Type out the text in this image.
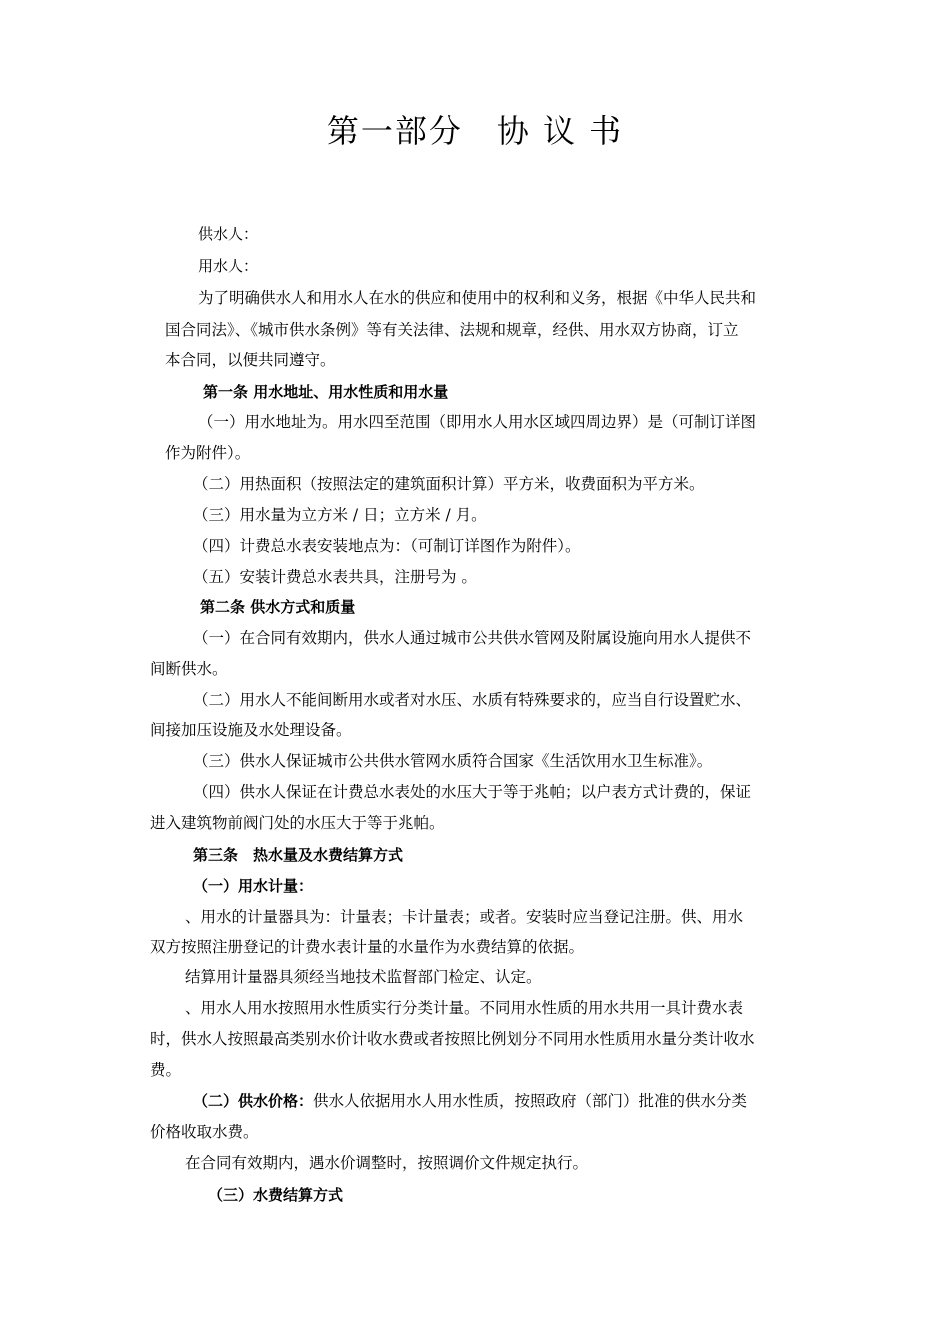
第一部分　协 议 书
供水人：
用水人：
为了明确供水人和用水人在水的供应和使用中的权利和义务，根据《中华人民共和
国合同法》、《城市供水条例》等有关法律、法规和规章，经供、用水双方协商，订立
本合同，以便共同遵守。
第一条 用水地址、用水性质和用水量
（一）用水地址为。用水四至范围（即用水人用水区域四周边界）是（可制订详图
作为附件）。
（二）用热面积（按照法定的建筑面积计算）平方米，收费面积为平方米。
（三）用水量为立方米 / 日；立方米 / 月。
（四）计费总水表安装地点为：（可制订详图作为附件）。
（五）安装计费总水表共具，注册号为 。
第二条 供水方式和质量
（一）在合同有效期内，供水人通过城市公共供水管网及附属设施向用水人提供不
间断供水。
（二）用水人不能间断用水或者对水压、水质有特殊要求的，应当自行设置贮水、
间接加压设施及水处理设备。
（三）供水人保证城市公共供水管网水质符合国家《生活饮用水卫生标准》。
（四）供水人保证在计费总水表处的水压大于等于兆帕；以户表方式计费的，保证
进入建筑物前阀门处的水压大于等于兆帕。
第三条　热水量及水费结算方式
（一）用水计量：
、用水的计量器具为：计量表；卡计量表；或者。安装时应当登记注册。供、用水
双方按照注册登记的计费水表计量的水量作为水费结算的依据。
结算用计量器具须经当地技术监督部门检定、认定。
、用水人用水按照用水性质实行分类计量。不同用水性质的用水共用一具计费水表
时，供水人按照最高类别水价计收水费或者按照比例划分不同用水性质用水量分类计收水
费。
（二）供水价格：供水人依据用水人用水性质，按照政府（部门）批准的供水分类
价格收取水费。
在合同有效期内，遇水价调整时，按照调价文件规定执行。
（三）水费结算方式
